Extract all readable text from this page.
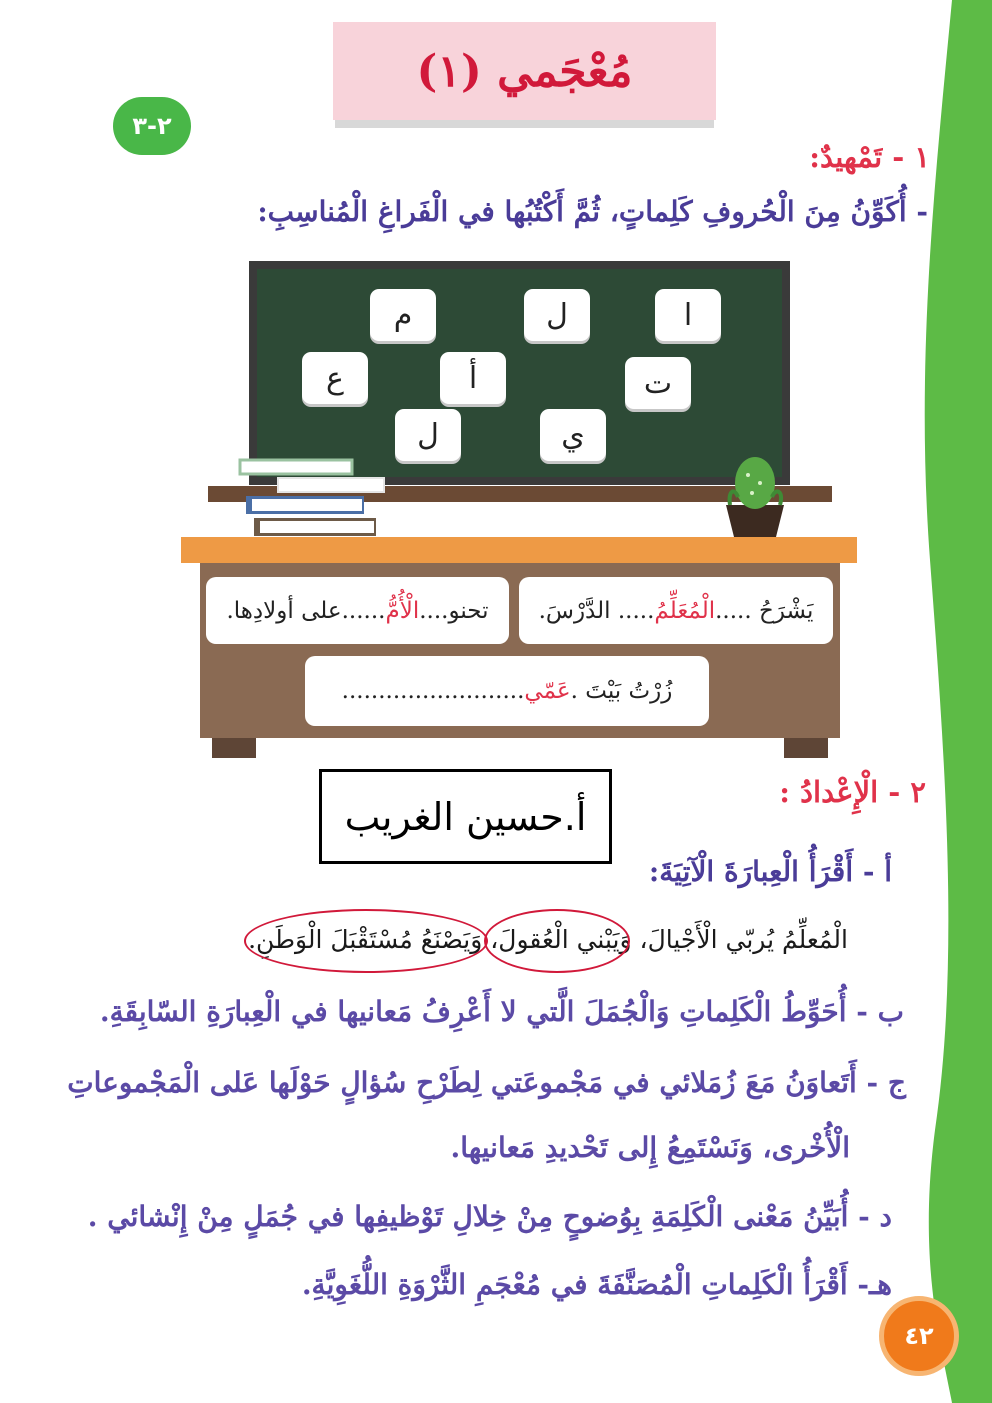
مُعْجَمي (١)
٢-٣
١ - تَمْهيدٌ:
- أُكَوِّنُ مِنَ الْحُروفِ كَلِماتٍ، ثُمَّ أَكْتُبُها في الْفَراغِ الْمُناسِبِ:
م	ل	ا
ع	أ	ت
ل	ي
يَشْرَحُ .....
الْمُعَلِّمُ
..... الدَّرْسَ.
تحنو....
الْأُمُّ
......على أولادِها.
زُرْتُ بَيْتَ .
عَمّي
.........................
أ.حسين الغريب
٢ - الْإِعْدادُ :
أ - أَقْرَأُ الْعِبارَةَ الْآتِيَةَ:
الْمُعلِّمُ يُربّي الْأَجْيالَ، وَيَبْني الْعُقولَ، وَيَصْنَعُ مُسْتَقْبَلَ الْوَطَنِ.
ب - أُحَوِّطُ الْكَلِماتِ وَالْجُمَلَ الَّتي لا أَعْرِفُ مَعانيها في الْعِبارَةِ السّابِقَةِ.
ج - أَتَعاوَنُ مَعَ زُمَلائي في مَجْموعَتي لِطَرْحِ سُؤالٍ حَوْلَها عَلى الْمَجْموعاتِ
الْأُخْرى، وَنَسْتَمِعُ إِلى تَحْديدِ مَعانيها.
د - أُبَيِّنُ مَعْنى الْكَلِمَةِ بِوُضوحٍ مِنْ خِلالِ تَوْظيفِها في جُمَلٍ مِنْ إِنْشائي .
هـ- أَقْرَأُ الْكَلِماتِ الْمُصَنَّفَةَ في مُعْجَمِ الثَّرْوَةِ اللُّغَوِيَّةِ.
٤٢
